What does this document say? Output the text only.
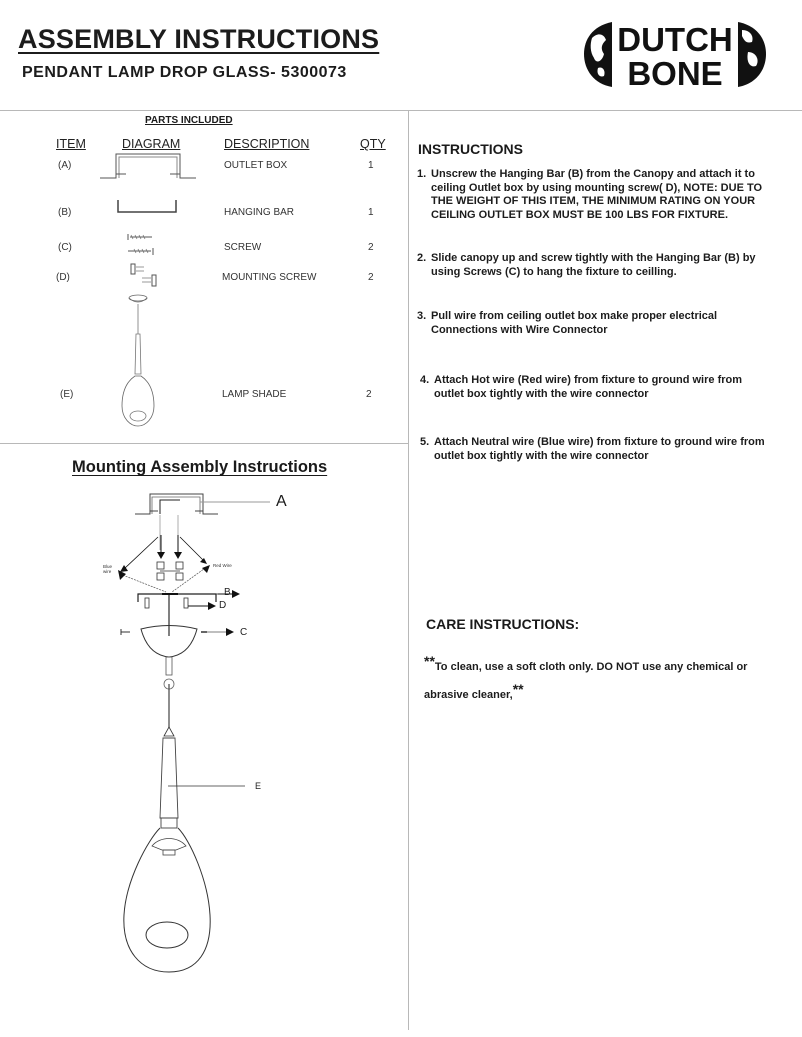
ASSEMBLY INSTRUCTIONS
PENDANT LAMP DROP GLASS- 5300073
DUTCH
BONE
PARTS INCLUDED
ITEM	DIAGRAM	DESCRIPTION	QTY
(A)	OUTLET BOX	1
(B)	HANGING BAR	1
(C)	SCREW	2
(D)	MOUNTING SCREW	2
(E)	LAMP SHADE	2
Mounting Assembly Instructions
A
B
D
C
E
Blue
wire
Red Wire
INSTRUCTIONS
1. Unscrew the Hanging Bar (B) from the Canopy and attach it to ceiling Outlet box by using mounting screw( D), NOTE: DUE TO THE WEIGHT OF THIS ITEM, THE MINIMUM RATING ON YOUR CEILING OUTLET BOX MUST BE 100 LBS FOR FIXTURE.
2. Slide canopy up and screw tightly with the Hanging Bar (B) by using Screws (C) to hang the fixture to ceilling.
3. Pull wire from ceiling outlet box make proper electrical Connections with Wire Connector
4. Attach Hot wire (Red wire) from fixture to ground wire from outlet box tightly with the wire connector
5. Attach Neutral wire (Blue wire) from fixture to ground wire from outlet box tightly with the wire connector
CARE INSTRUCTIONS:
**To clean, use a soft cloth only. DO NOT use any chemical or abrasive cleaner,**
